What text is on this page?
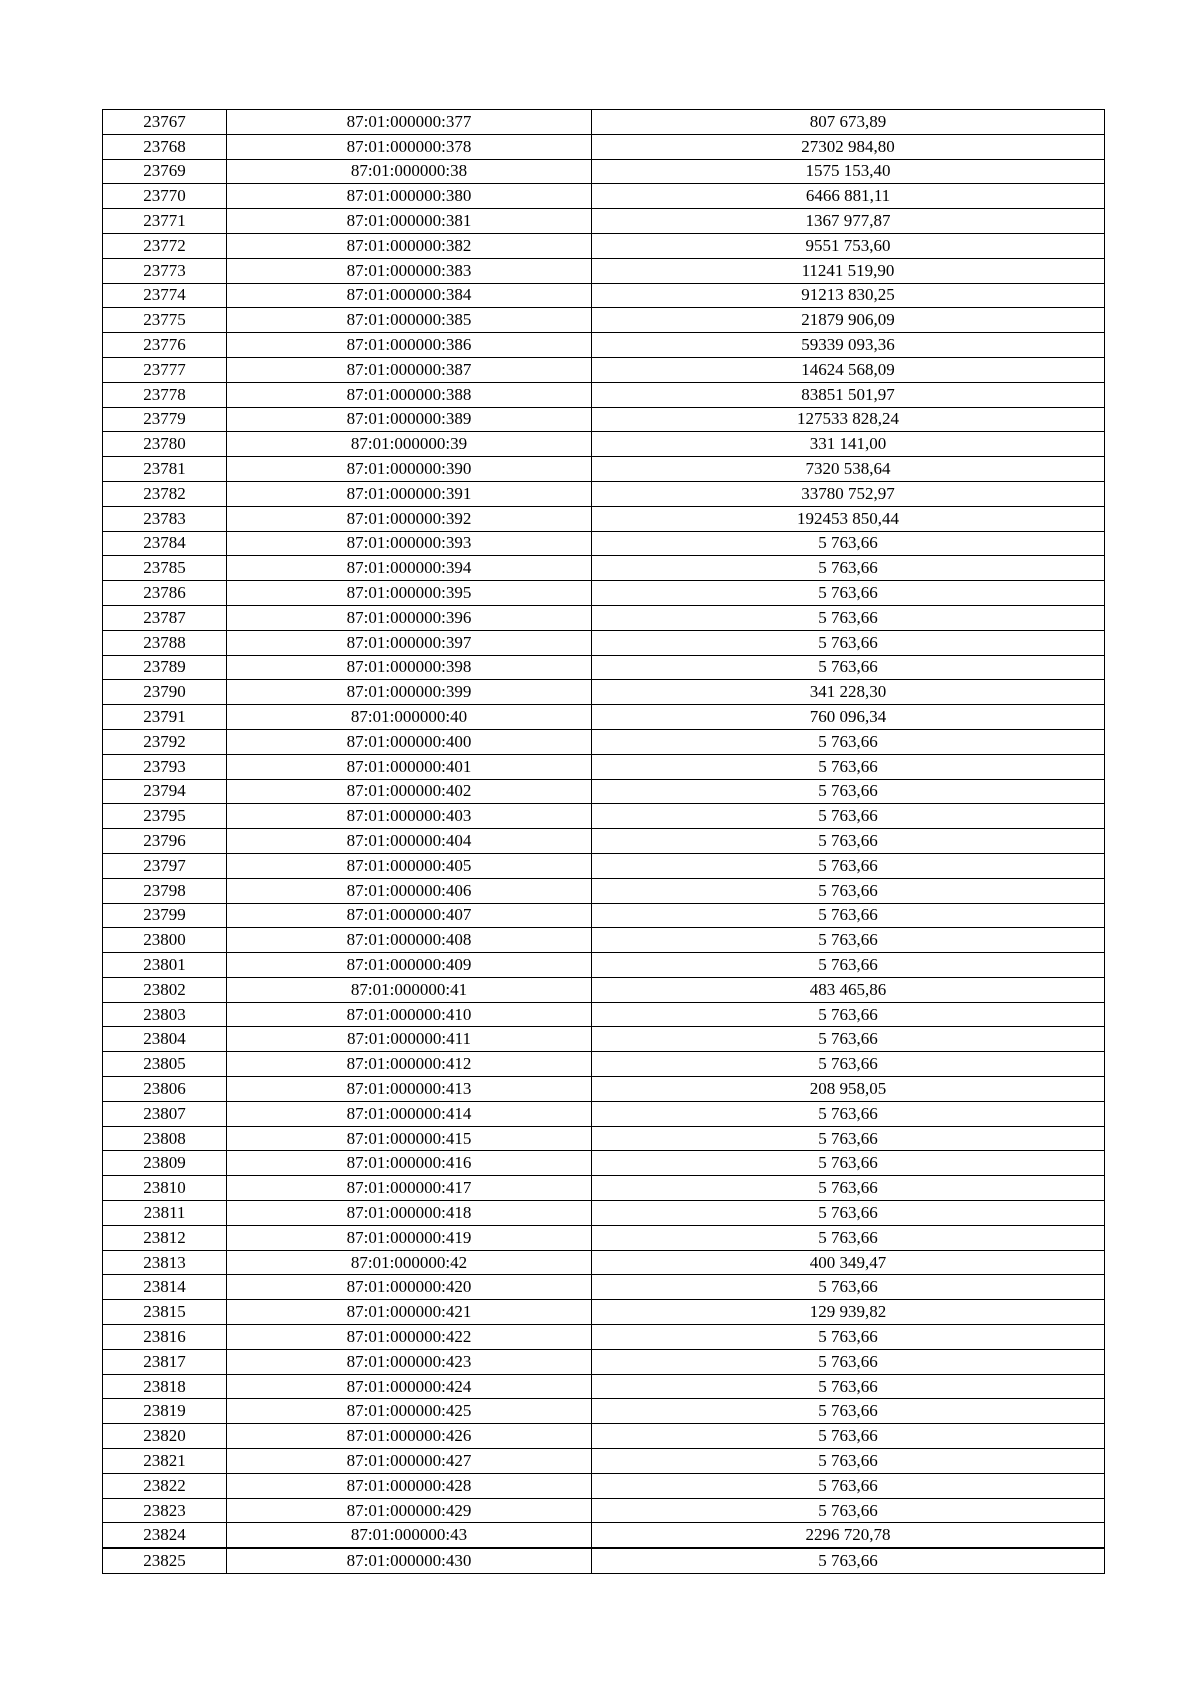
23767	87:01:000000:377	807 673,89
23768	87:01:000000:378	27302 984,80
23769	87:01:000000:38	1575 153,40
23770	87:01:000000:380	6466 881,11
23771	87:01:000000:381	1367 977,87
23772	87:01:000000:382	9551 753,60
23773	87:01:000000:383	11241 519,90
23774	87:01:000000:384	91213 830,25
23775	87:01:000000:385	21879 906,09
23776	87:01:000000:386	59339 093,36
23777	87:01:000000:387	14624 568,09
23778	87:01:000000:388	83851 501,97
23779	87:01:000000:389	127533 828,24
23780	87:01:000000:39	331 141,00
23781	87:01:000000:390	7320 538,64
23782	87:01:000000:391	33780 752,97
23783	87:01:000000:392	192453 850,44
23784	87:01:000000:393	5 763,66
23785	87:01:000000:394	5 763,66
23786	87:01:000000:395	5 763,66
23787	87:01:000000:396	5 763,66
23788	87:01:000000:397	5 763,66
23789	87:01:000000:398	5 763,66
23790	87:01:000000:399	341 228,30
23791	87:01:000000:40	760 096,34
23792	87:01:000000:400	5 763,66
23793	87:01:000000:401	5 763,66
23794	87:01:000000:402	5 763,66
23795	87:01:000000:403	5 763,66
23796	87:01:000000:404	5 763,66
23797	87:01:000000:405	5 763,66
23798	87:01:000000:406	5 763,66
23799	87:01:000000:407	5 763,66
23800	87:01:000000:408	5 763,66
23801	87:01:000000:409	5 763,66
23802	87:01:000000:41	483 465,86
23803	87:01:000000:410	5 763,66
23804	87:01:000000:411	5 763,66
23805	87:01:000000:412	5 763,66
23806	87:01:000000:413	208 958,05
23807	87:01:000000:414	5 763,66
23808	87:01:000000:415	5 763,66
23809	87:01:000000:416	5 763,66
23810	87:01:000000:417	5 763,66
23811	87:01:000000:418	5 763,66
23812	87:01:000000:419	5 763,66
23813	87:01:000000:42	400 349,47
23814	87:01:000000:420	5 763,66
23815	87:01:000000:421	129 939,82
23816	87:01:000000:422	5 763,66
23817	87:01:000000:423	5 763,66
23818	87:01:000000:424	5 763,66
23819	87:01:000000:425	5 763,66
23820	87:01:000000:426	5 763,66
23821	87:01:000000:427	5 763,66
23822	87:01:000000:428	5 763,66
23823	87:01:000000:429	5 763,66
23824	87:01:000000:43	2296 720,78
23825	87:01:000000:430	5 763,66
